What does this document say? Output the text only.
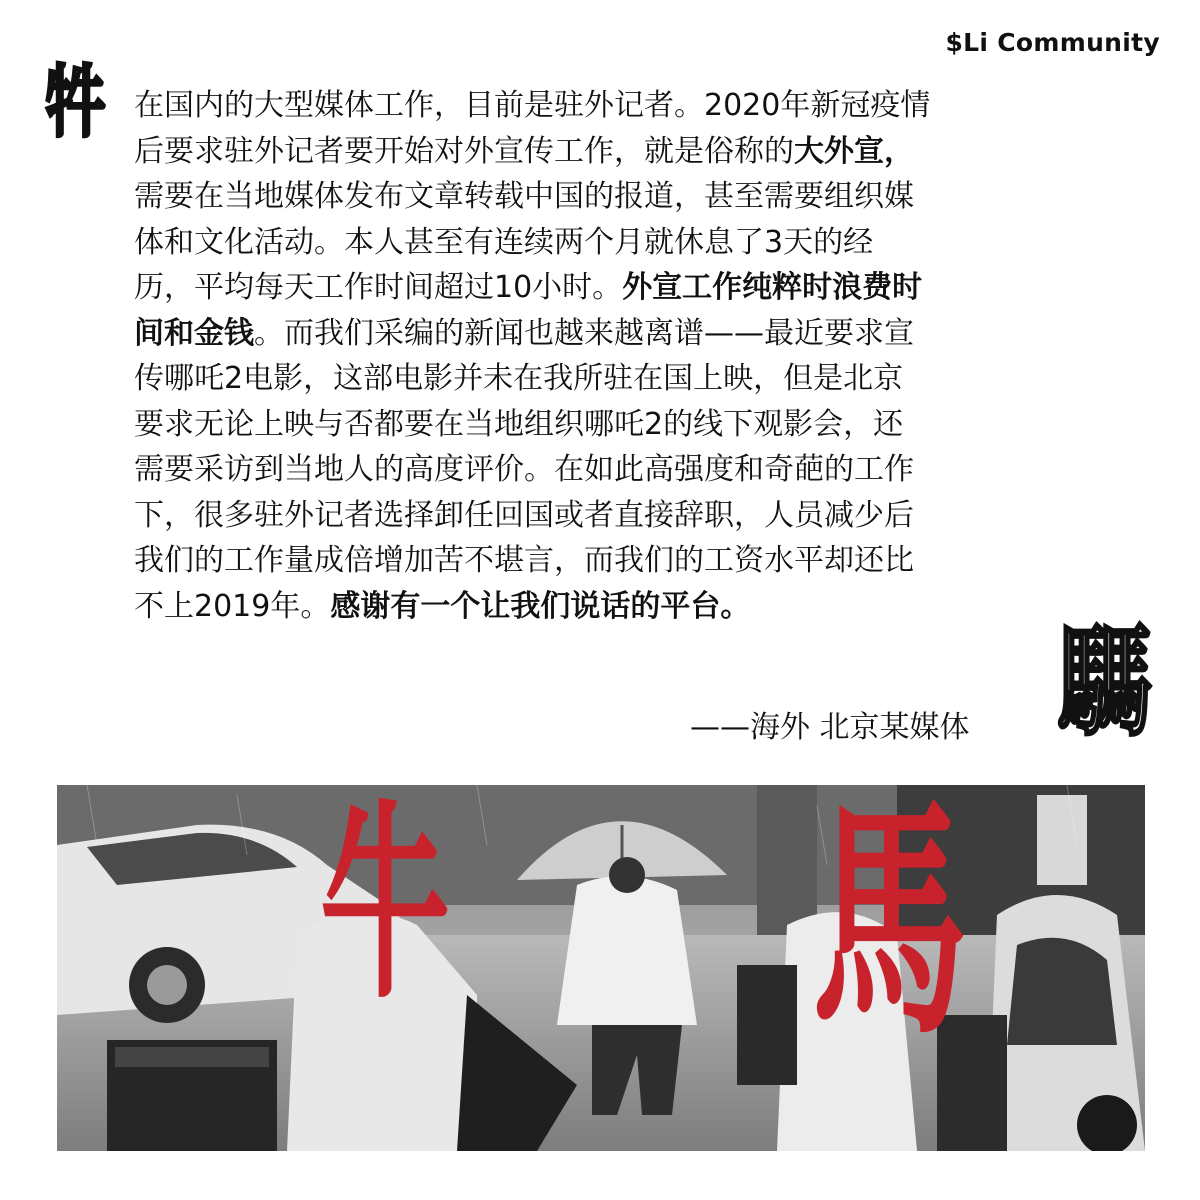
$Li Community
牪 在国内的大型媒体工作，目前是驻外记者。2020年新冠疫情
后要求驻外记者要开始对外宣传工作，就是俗称的大外宣，
需要在当地媒体发布文章转载中国的报道，甚至需要组织媒
体和文化活动。本人甚至有连续两个月就休息了3天的经
历，平均每天工作时间超过10小时。外宣工作纯粹时浪费时
间和金钱。而我们采编的新闻也越来越离谱——最近要求宣
传哪吒2电影，这部电影并未在我所驻在国上映，但是北京
要求无论上映与否都要在当地组织哪吒2的线下观影会，还
需要采访到当地人的高度评价。在如此高强度和奇葩的工作
下，很多驻外记者选择卸任回国或者直接辞职，人员减少后
我们的工作量成倍增加苦不堪言，而我们的工资水平却还比
不上2019年。感谢有一个让我们说话的平台。
——海外 北京某媒体 騳
牛 馬
